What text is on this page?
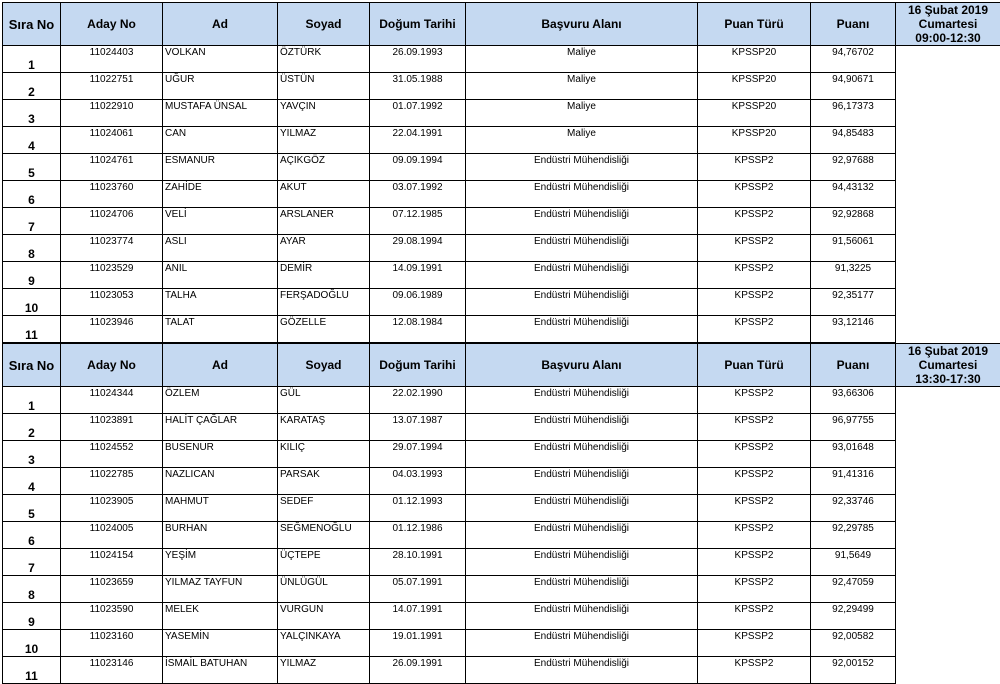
Sıra No	Aday No	Ad	Soyad	Doğum Tarihi	Başvuru Alanı	Puan Türü	Puanı	16 Şubat 2019
Cumartesi
09:00-12:30
1	11024403	VOLKAN	ÖZTÜRK	26.09.1993	Maliye	KPSSP20	94,76702	
2	11022751	UĞUR	ÜSTÜN	31.05.1988	Maliye	KPSSP20	94,90671	
3	11022910	MUSTAFA ÜNSAL	YAVÇIN	01.07.1992	Maliye	KPSSP20	96,17373	
4	11024061	CAN	YILMAZ	22.04.1991	Maliye	KPSSP20	94,85483	
5	11024761	ESMANUR	AÇIKGÖZ	09.09.1994	Endüstri Mühendisliği	KPSSP2	92,97688	
6	11023760	ZAHİDE	AKUT	03.07.1992	Endüstri Mühendisliği	KPSSP2	94,43132	
7	11024706	VELİ	ARSLANER	07.12.1985	Endüstri Mühendisliği	KPSSP2	92,92868	
8	11023774	ASLI	AYAR	29.08.1994	Endüstri Mühendisliği	KPSSP2	91,56061	
9	11023529	ANIL	DEMİR	14.09.1991	Endüstri Mühendisliği	KPSSP2	91,3225	
10	11023053	TALHA	FERŞADOĞLU	09.06.1989	Endüstri Mühendisliği	KPSSP2	92,35177	
11	11023946	TALAT	GÖZELLE	12.08.1984	Endüstri Mühendisliği	KPSSP2	93,12146	
Sıra No	Aday No	Ad	Soyad	Doğum Tarihi	Başvuru Alanı	Puan Türü	Puanı	16 Şubat 2019
Cumartesi
13:30-17:30
1	11024344	ÖZLEM	GÜL	22.02.1990	Endüstri Mühendisliği	KPSSP2	93,66306	
2	11023891	HALİT ÇAĞLAR	KARATAŞ	13.07.1987	Endüstri Mühendisliği	KPSSP2	96,97755	
3	11024552	BUSENUR	KILIÇ	29.07.1994	Endüstri Mühendisliği	KPSSP2	93,01648	
4	11022785	NAZLICAN	PARSAK	04.03.1993	Endüstri Mühendisliği	KPSSP2	91,41316	
5	11023905	MAHMUT	SEDEF	01.12.1993	Endüstri Mühendisliği	KPSSP2	92,33746	
6	11024005	BURHAN	SEĞMENOĞLU	01.12.1986	Endüstri Mühendisliği	KPSSP2	92,29785	
7	11024154	YEŞİM	ÜÇTEPE	28.10.1991	Endüstri Mühendisliği	KPSSP2	91,5649	
8	11023659	YILMAZ TAYFUN	ÜNLÜGÜL	05.07.1991	Endüstri Mühendisliği	KPSSP2	92,47059	
9	11023590	MELEK	VURGUN	14.07.1991	Endüstri Mühendisliği	KPSSP2	92,29499	
10	11023160	YASEMİN	YALÇINKAYA	19.01.1991	Endüstri Mühendisliği	KPSSP2	92,00582	
11	11023146	İSMAİL BATUHAN	YILMAZ	26.09.1991	Endüstri Mühendisliği	KPSSP2	92,00152	
